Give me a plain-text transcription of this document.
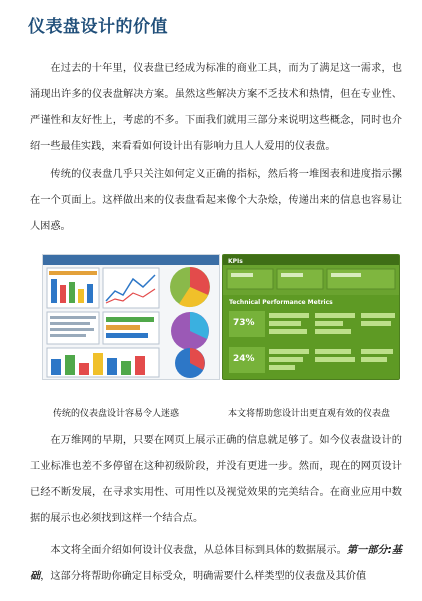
仪表盘设计的价值

在过去的十年里，仪表盘已经成为标准的商业工具，而为了满足这一需求，也涌现出许多的仪表盘解决方案。虽然这些解决方案不乏技术和热情，但在专业性、严谨性和友好性上，考虑的不多。下面我们就用三部分来说明这些概念，同时也介绍一些最佳实践，来看看如何设计出有影响力且人人爱用的仪表盘。

传统的仪表盘几乎只关注如何定义正确的指标，然后将一堆图表和进度指示摞在一个页面上。这样做出来的仪表盘看起来像个大杂烩，传递出来的信息也容易让人困惑。

KPIs
Technical Performance Metrics
73%
24%
传统的仪表盘设计容易令人迷惑	本文将帮助您设计出更直观有效的仪表盘

在万维网的早期，只要在网页上展示正确的信息就足够了。如今仪表盘设计的工业标准也差不多停留在这种初级阶段，并没有更进一步。然而，现在的网页设计已经不断发展，在寻求实用性、可用性以及视觉效果的完美结合。在商业应用中数据的展示也必须找到这样一个结合点。

本文将全面介绍如何设计仪表盘，从总体目标到具体的数据展示。第一部分:基础，这部分将帮助你确定目标受众，明确需要什么样类型的仪表盘及其价值
